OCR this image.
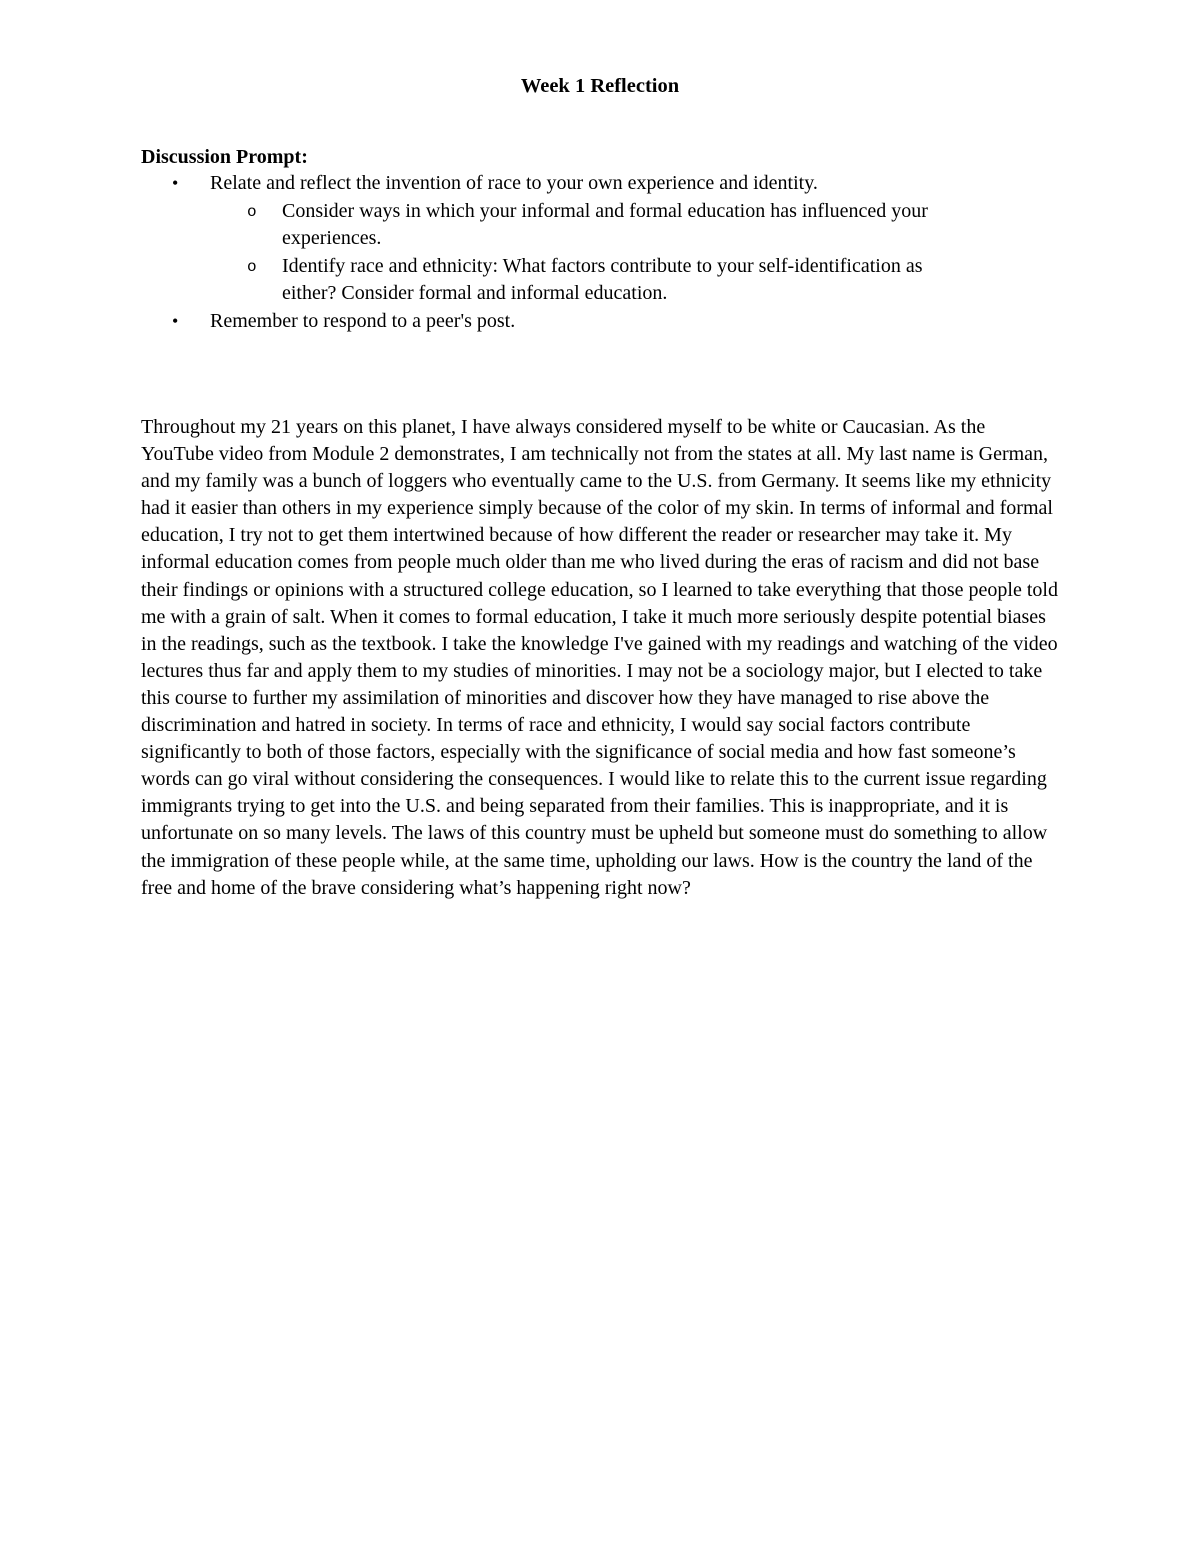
Week 1 Reflection
Discussion Prompt:
• Relate and reflect the invention of race to your own experience and identity.
o Consider ways in which your informal and formal education has influenced your experiences.
o Identify race and ethnicity: What factors contribute to your self-identification as either? Consider formal and informal education.
• Remember to respond to a peer's post.

Throughout my 21 years on this planet, I have always considered myself to be white or Caucasian. As the YouTube video from Module 2 demonstrates, I am technically not from the states at all. My last name is German, and my family was a bunch of loggers who eventually came to the U.S. from Germany. It seems like my ethnicity had it easier than others in my experience simply because of the color of my skin. In terms of informal and formal education, I try not to get them intertwined because of how different the reader or researcher may take it. My informal education comes from people much older than me who lived during the eras of racism and did not base their findings or opinions with a structured college education, so I learned to take everything that those people told me with a grain of salt. When it comes to formal education, I take it much more seriously despite potential biases in the readings, such as the textbook. I take the knowledge I've gained with my readings and watching of the video lectures thus far and apply them to my studies of minorities. I may not be a sociology major, but I elected to take this course to further my assimilation of minorities and discover how they have managed to rise above the discrimination and hatred in society. In terms of race and ethnicity, I would say social factors contribute significantly to both of those factors, especially with the significance of social media and how fast someone’s words can go viral without considering the consequences. I would like to relate this to the current issue regarding immigrants trying to get into the U.S. and being separated from their families. This is inappropriate, and it is unfortunate on so many levels. The laws of this country must be upheld but someone must do something to allow the immigration of these people while, at the same time, upholding our laws. How is the country the land of the free and home of the brave considering what’s happening right now?
